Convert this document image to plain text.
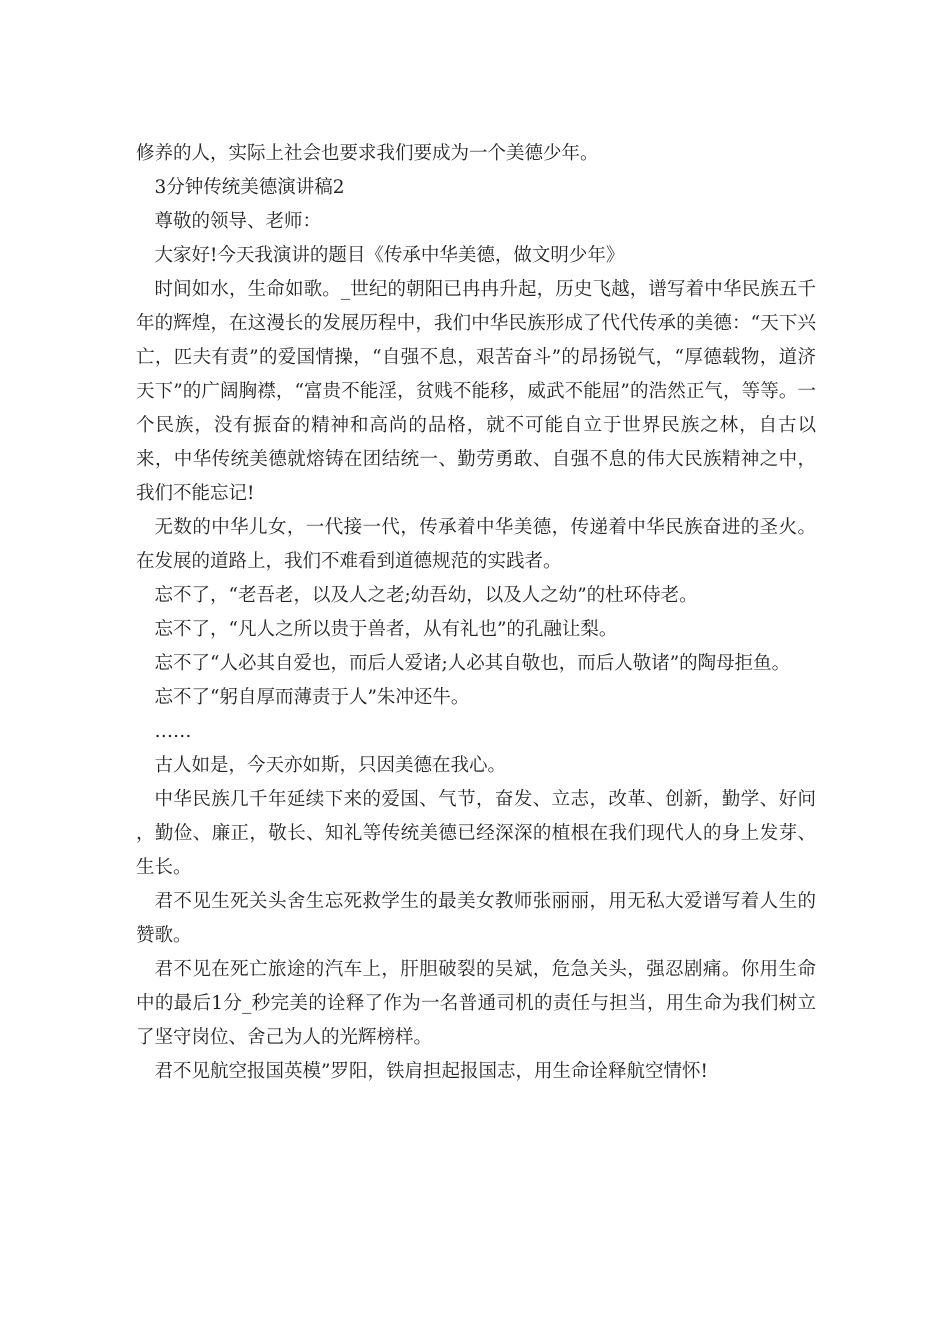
修养的人，实际上社会也要求我们要成为一个美德少年。

3分钟传统美德演讲稿2

尊敬的领导、老师：

大家好!今天我演讲的题目《传承中华美德，做文明少年》

时间如水，生命如歌。_世纪的朝阳已冉冉升起，历史飞越，谱写着中华民族五千年的辉煌，在这漫长的发展历程中，我们中华民族形成了代代传承的美德：“天下兴亡，匹夫有责”的爱国情操，“自强不息，艰苦奋斗”的昂扬锐气，“厚德载物，道济天下”的广阔胸襟，“富贵不能淫，贫贱不能移，威武不能屈”的浩然正气，等等。一个民族，没有振奋的精神和高尚的品格，就不可能自立于世界民族之林，自古以来，中华传统美德就熔铸在团结统一、勤劳勇敢、自强不息的伟大民族精神之中，我们不能忘记!

无数的中华儿女，一代接一代，传承着中华美德，传递着中华民族奋进的圣火。在发展的道路上，我们不难看到道德规范的实践者。

忘不了，“老吾老，以及人之老;幼吾幼，以及人之幼”的杜环侍老。

忘不了，“凡人之所以贵于兽者，从有礼也”的孔融让梨。

忘不了“人必其自爱也，而后人爱诸;人必其自敬也，而后人敬诸”的陶母拒鱼。

忘不了“躬自厚而薄责于人”朱冲还牛。

……

古人如是，今天亦如斯，只因美德在我心。

中华民族几千年延续下来的爱国、气节，奋发、立志，改革、创新，勤学、好问 ，勤俭、廉正，敬长、知礼等传统美德已经深深的植根在我们现代人的身上发芽、生长。

君不见生死关头舍生忘死救学生的最美女教师张丽丽，用无私大爱谱写着人生的赞歌。

君不见在死亡旅途的汽车上，肝胆破裂的吴斌，危急关头，强忍剧痛。你用生命中的最后1分_秒完美的诠释了作为一名普通司机的责任与担当，用生命为我们树立了坚守岗位、舍己为人的光辉榜样。

君不见航空报国英模”罗阳，铁肩担起报国志，用生命诠释航空情怀!
